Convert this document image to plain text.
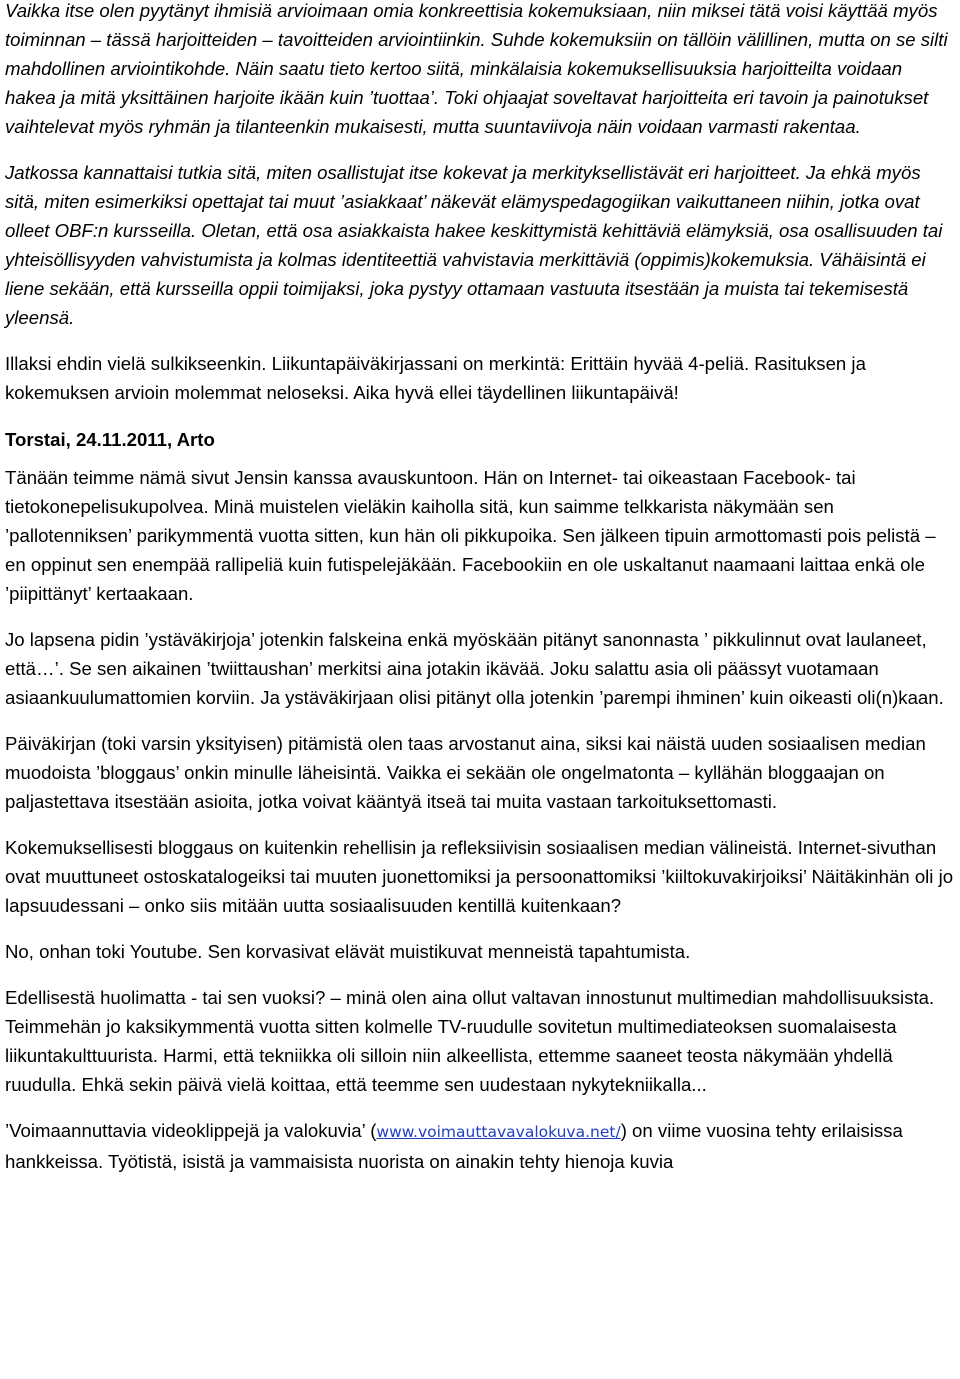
Vaikka itse olen pyytänyt ihmisiä arvioimaan omia konkreettisia kokemuksiaan, niin miksei tätä voisi käyttää myös toiminnan – tässä harjoitteiden – tavoitteiden arviointiinkin. Suhde kokemuksiin on tällöin välillinen, mutta on se silti mahdollinen arviointikohde. Näin saatu tieto kertoo siitä, minkälaisia kokemuksellisuuksia harjoitteilta voidaan hakea ja mitä yksittäinen harjoite ikään kuin ’tuottaa’. Toki ohjaajat soveltavat harjoitteita eri tavoin ja painotukset vaihtelevat myös ryhmän ja tilanteenkin mukaisesti, mutta suuntaviivoja näin voidaan varmasti rakentaa.

Jatkossa kannattaisi tutkia sitä, miten osallistujat itse kokevat ja merkityksellistävät eri harjoitteet. Ja ehkä myös sitä, miten esimerkiksi opettajat tai muut ’asiakkaat’ näkevät elämyspedagogiikan vaikuttaneen niihin, jotka ovat olleet OBF:n kursseilla. Oletan, että osa asiakkaista hakee keskittymistä kehittäviä elämyksiä, osa osallisuuden tai yhteisöllisyyden vahvistumista ja kolmas identiteettiä vahvistavia merkittäviä (oppimis)kokemuksia. Vähäisintä ei liene sekään, että kursseilla oppii toimijaksi, joka pystyy ottamaan vastuuta itsestään ja muista tai tekemisestä yleensä.

Illaksi ehdin vielä sulkikseenkin. Liikuntapäiväkirjassani on merkintä: Erittäin hyvää 4-peliä. Rasituksen ja kokemuksen arvioin molemmat neloseksi. Aika hyvä ellei täydellinen liikuntapäivä!

Torstai, 24.11.2011, Arto

Tänään teimme nämä sivut Jensin kanssa avauskuntoon. Hän on Internet- tai oikeastaan Facebook- tai tietokonepelisukupolvea. Minä muistelen vieläkin kaiholla sitä, kun saimme telkkarista näkymään sen ’pallotenniksen’ parikymmentä vuotta sitten, kun hän oli pikkupoika. Sen jälkeen tipuin armottomasti pois pelistä – en oppinut sen enempää rallipeliä kuin futispelejäkään. Facebookiin en ole uskaltanut naamaani laittaa enkä ole ’piipittänyt’ kertaakaan.

Jo lapsena pidin ’ystäväkirjoja’ jotenkin falskeina enkä myöskään pitänyt sanonnasta ’ pikkulinnut ovat laulaneet, että…’. Se sen aikainen ’twiittaushan’ merkitsi aina jotakin ikävää. Joku salattu asia oli päässyt vuotamaan asiaankuulumattomien korviin. Ja ystäväkirjaan olisi pitänyt olla jotenkin ’parempi ihminen’ kuin oikeasti oli(n)kaan.

Päiväkirjan (toki varsin yksityisen) pitämistä olen taas arvostanut aina, siksi kai näistä uuden sosiaalisen median muodoista ’bloggaus’ onkin minulle läheisintä. Vaikka ei sekään ole ongelmatonta – kyllähän bloggaajan on paljastettava itsestään asioita, jotka voivat kääntyä itseä tai muita vastaan tarkoituksettomasti.

Kokemuksellisesti bloggaus on kuitenkin rehellisin ja refleksiivisin sosiaalisen median välineistä. Internet-sivuthan ovat muuttuneet ostoskatalogeiksi tai muuten juonettomiksi ja persoonattomiksi ’kiiltokuvakirjoiksi’ Näitäkinhän oli jo lapsuudessani – onko siis mitään uutta sosiaalisuuden kentillä kuitenkaan?

No, onhan toki Youtube. Sen korvasivat elävät muistikuvat menneistä tapahtumista.

Edellisestä huolimatta - tai sen vuoksi? – minä olen aina ollut valtavan innostunut multimedian mahdollisuuksista. Teimmehän jo kaksikymmentä vuotta sitten kolmelle TV-ruudulle sovitetun multimediateoksen suomalaisesta liikuntakulttuurista. Harmi, että tekniikka oli silloin niin alkeellista, ettemme saaneet teosta näkymään yhdellä ruudulla. Ehkä sekin päivä vielä koittaa, että teemme sen uudestaan nykytekniikalla...

’Voimaannuttavia videoklippejä ja valokuvia’ (www.voimauttavavalokuva.net/) on viime vuosina tehty erilaisissa hankkeissa. Työtistä, isistä ja vammaisista nuorista on ainakin tehty hienoja kuvia
